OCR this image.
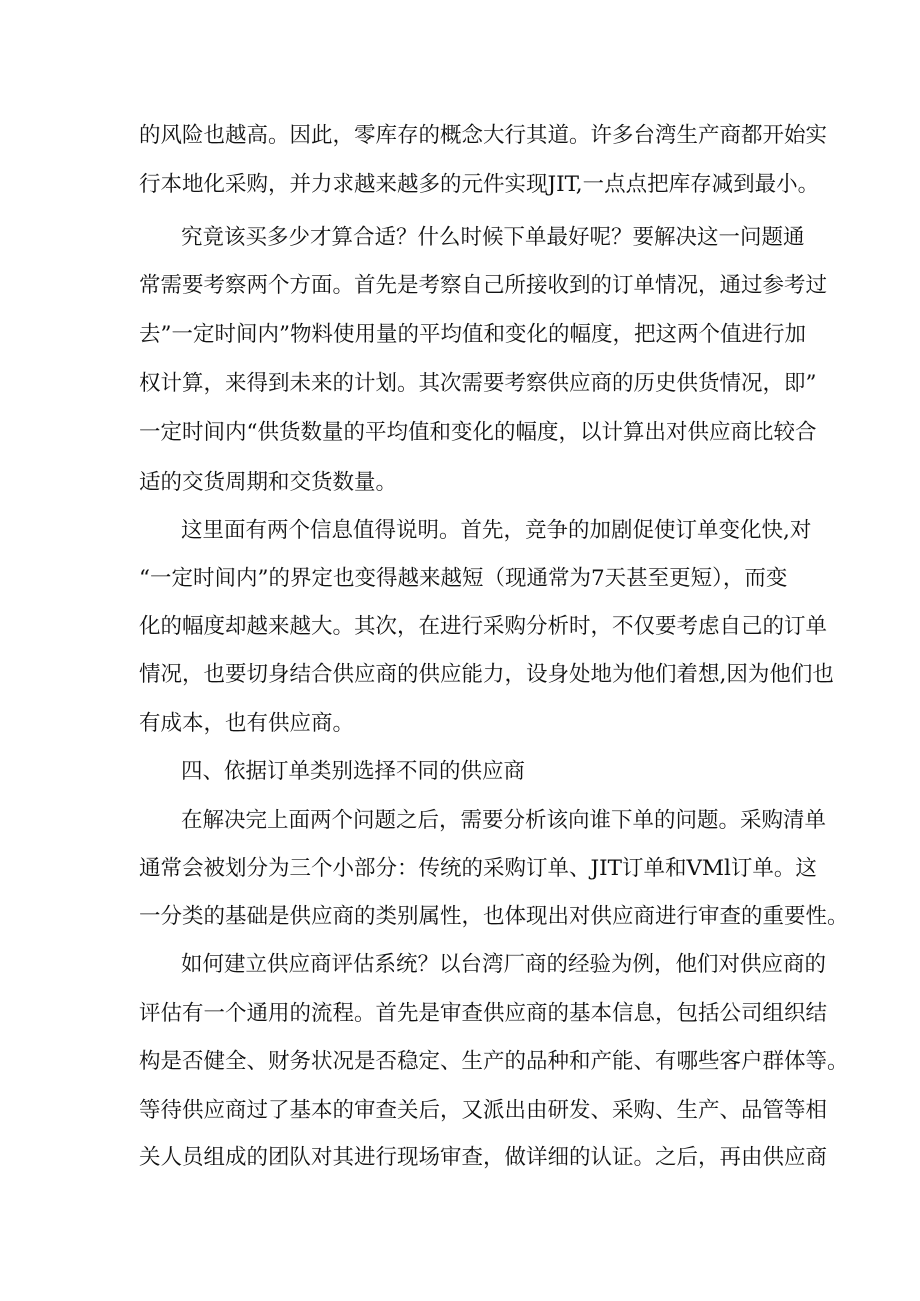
的风险也越高。因此，零库存的概念大行其道。许多台湾生产商都开始实

行本地化采购，并力求越来越多的元件实现JIT,一点点把库存减到最小。

究竟该买多少才算合适？什么时候下单最好呢？要解决这一问题通

常需要考察两个方面。首先是考察自己所接收到的订单情况，通过参考过

去”一定时间内”物料使用量的平均值和变化的幅度，把这两个值进行加

权计算，来得到未来的计划。其次需要考察供应商的历史供货情况，即”

一定时间内“供货数量的平均值和变化的幅度，以计算出对供应商比较合

适的交货周期和交货数量。

这里面有两个信息值得说明。首先，竞争的加剧促使订单变化快,对

“一定时间内”的界定也变得越来越短（现通常为7天甚至更短），而变

化的幅度却越来越大。其次，在进行采购分析时，不仅要考虑自己的订单

情况，也要切身结合供应商的供应能力，设身处地为他们着想,因为他们也

有成本，也有供应商。

四、依据订单类别选择不同的供应商

在解决完上面两个问题之后，需要分析该向谁下单的问题。采购清单

通常会被划分为三个小部分：传统的采购订单、JIT订单和VMl订单。这

一分类的基础是供应商的类别属性，也体现出对供应商进行审查的重要性。

如何建立供应商评估系统？以台湾厂商的经验为例，他们对供应商的

评估有一个通用的流程。首先是审查供应商的基本信息，包括公司组织结

构是否健全、财务状况是否稳定、生产的品种和产能、有哪些客户群体等。

等待供应商过了基本的审查关后，又派出由研发、采购、生产、品管等相

关人员组成的团队对其进行现场审查，做详细的认证。之后，再由供应商
